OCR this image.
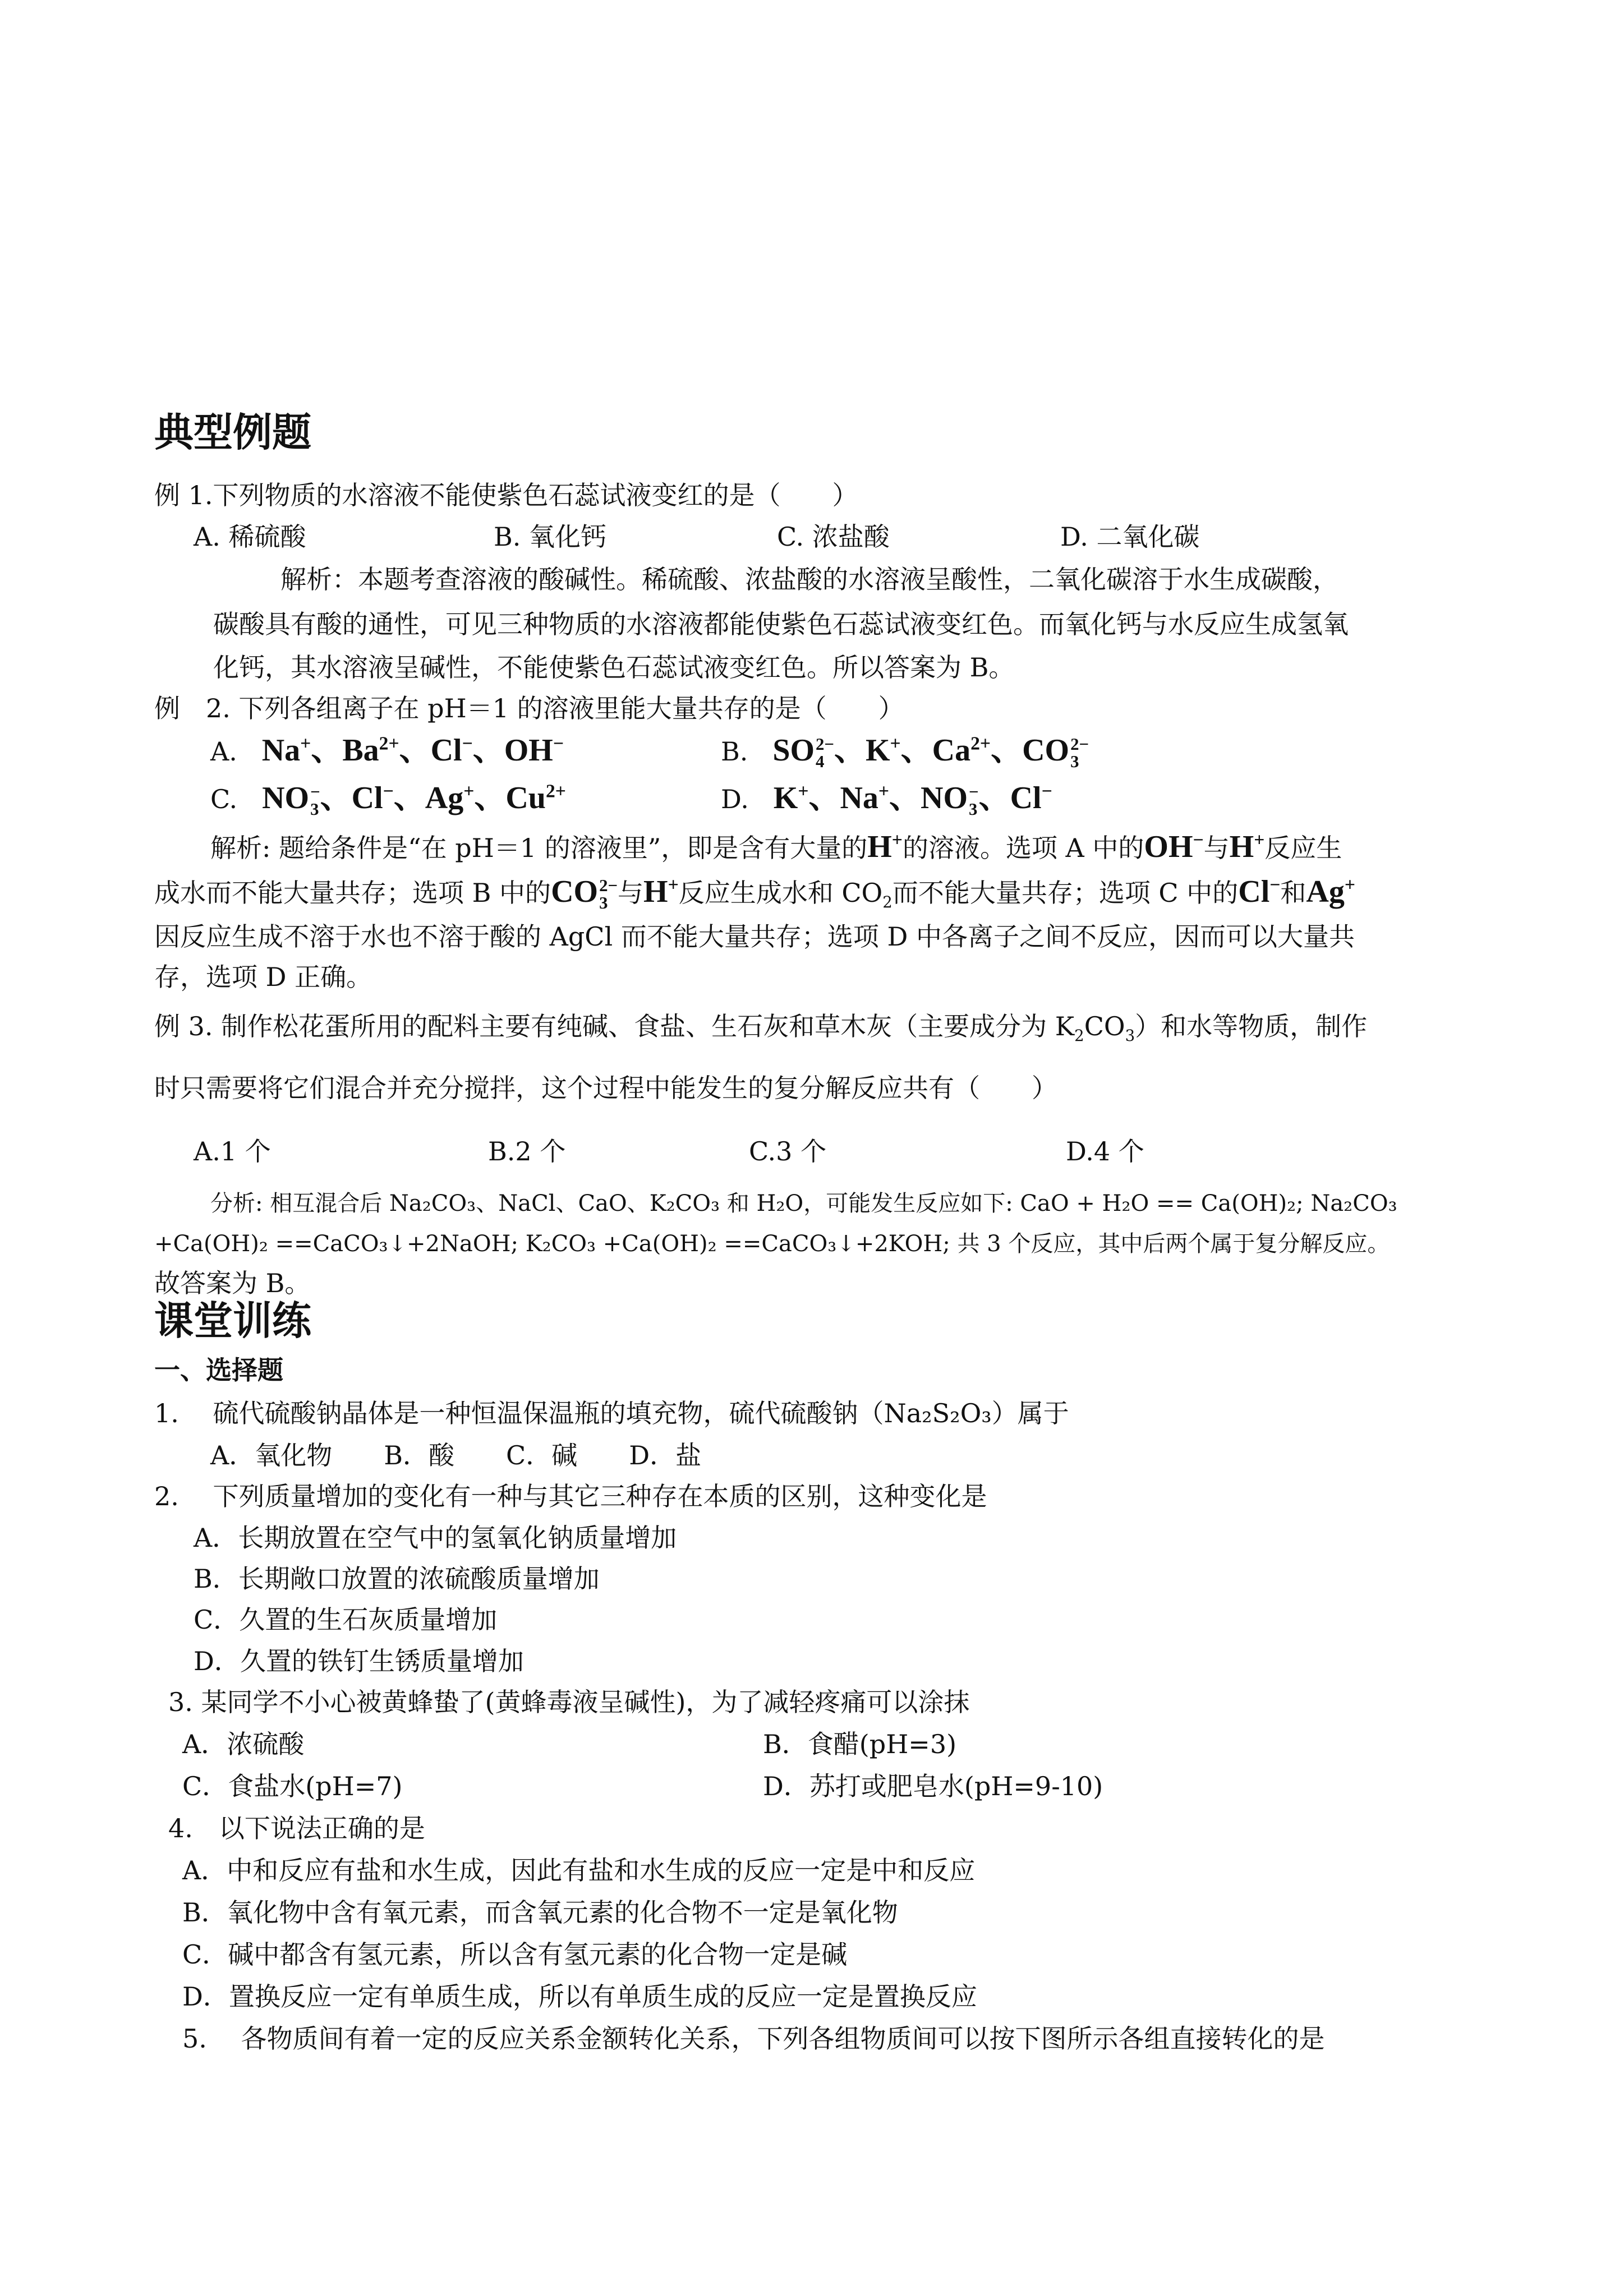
典型例题
例 1.下列物质的水溶液不能使紫色石蕊试液变红的是（　　）
A. 稀硫酸	B. 氧化钙	C. 浓盐酸	D. 二氧化碳
解析：本题考查溶液的酸碱性。稀硫酸、浓盐酸的水溶液呈酸性，二氧化碳溶于水生成碳酸，
碳酸具有酸的通性，可见三种物质的水溶液都能使紫色石蕊试液变红色。而氧化钙与水反应生成氢氧
化钙，其水溶液呈碱性，不能使紫色石蕊试液变红色。所以答案为 B。
例　2. 下列各组离子在 pH＝1 的溶液里能大量共存的是（　　）
A. Na+、$Ba^{2+}$、Cl−、OH−	B. SO 2−
4 、K+、$Ca^{2+}$、CO 2−
3
C. NO −
3 、Cl−、Ag+、$Cu^{2+}$	D. K+、Na+、NO −
3 、Cl−
解析: 题给条件是“在 pH＝1 的溶液里”，即是含有大量的H+的溶液。选项 A 中的OH−与H+反应生
成水而不能大量共存；选项 B 中的CO 2−
3 与H+反应生成水和 $CO_2$而不能大量共存；选项 C 中的Cl−和Ag+
因反应生成不溶于水也不溶于酸的 AgCl 而不能大量共存；选项 D 中各离子之间不反应，因而可以大量共
存，选项 D 正确。
例 3. 制作松花蛋所用的配料主要有纯碱、食盐、生石灰和草木灰（主要成分为 $K_2CO_3$）和水等物质，制作
时只需要将它们混合并充分搅拌，这个过程中能发生的复分解反应共有（　　）
A.1 个	B.2 个	C.3 个	D.4 个
分析: 相互混合后 Na₂CO₃、NaCl、CaO、K₂CO₃ 和 H₂O，可能发生反应如下: CaO + H₂O == Ca(OH)₂; Na₂CO₃
+Ca(OH)₂ ==CaCO₃↓+2NaOH; K₂CO₃ +Ca(OH)₂ ==CaCO₃↓+2KOH; 共 3 个反应，其中后两个属于复分解反应。
故答案为 B。
课堂训练
一、选择题
1.　 硫代硫酸钠晶体是一种恒温保温瓶的填充物，硫代硫酸钠（Na₂S₂O₃）属于
A．氧化物　　B．酸　　C．碱　　D．盐
2.　 下列质量增加的变化有一种与其它三种存在本质的区别，这种变化是
A．长期放置在空气中的氢氧化钠质量增加
B．长期敞口放置的浓硫酸质量增加
C．久置的生石灰质量增加
D．久置的铁钉生锈质量增加
3. 某同学不小心被黄蜂蛰了(黄蜂毒液呈碱性)，为了减轻疼痛可以涂抹
A．浓硫酸	B．食醋(pH=3)
C．食盐水(pH=7)	D．苏打或肥皂水(pH=9-10)
4.　以下说法正确的是
A．中和反应有盐和水生成，因此有盐和水生成的反应一定是中和反应
B．氧化物中含有氧元素，而含氧元素的化合物不一定是氧化物
C．碱中都含有氢元素，所以含有氢元素的化合物一定是碱
D．置换反应一定有单质生成，所以有单质生成的反应一定是置换反应
5.　 各物质间有着一定的反应关系金额转化关系，下列各组物质间可以按下图所示各组直接转化的是
